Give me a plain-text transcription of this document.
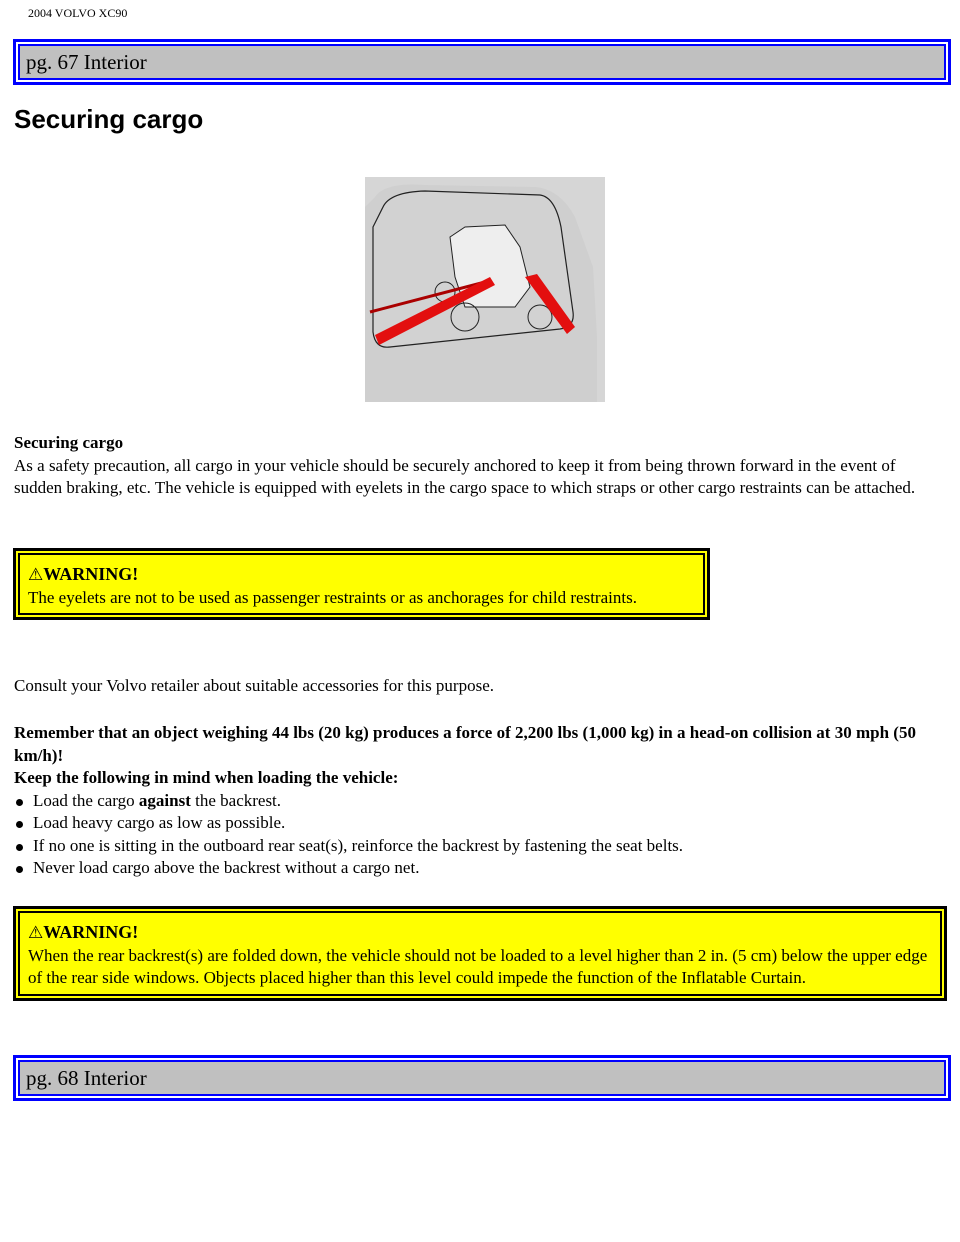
2004 VOLVO XC90
pg. 67 Interior
Securing cargo
Securing cargo
As a safety precaution, all cargo in your vehicle should be securely anchored to keep it from being thrown forward in the event of sudden braking, etc. The vehicle is equipped with eyelets in the cargo space to which straps or other cargo restraints can be attached.
⚠WARNING!
The eyelets are not to be used as passenger restraints or as anchorages for child restraints.
Consult your Volvo retailer about suitable accessories for this purpose.
Remember that an object weighing 44 lbs (20 kg) produces a force of 2,200 lbs (1,000 kg) in a head-on collision at 30 mph (50 km/h)!
Keep the following in mind when loading the vehicle:
Load the cargo against the backrest.
Load heavy cargo as low as possible.
If no one is sitting in the outboard rear seat(s), reinforce the backrest by fastening the seat belts.
Never load cargo above the backrest without a cargo net.
⚠WARNING!
When the rear backrest(s) are folded down, the vehicle should not be loaded to a level higher than 2 in. (5 cm) below the upper edge of the rear side windows. Objects placed higher than this level could impede the function of the Inflatable Curtain.
pg. 68 Interior
